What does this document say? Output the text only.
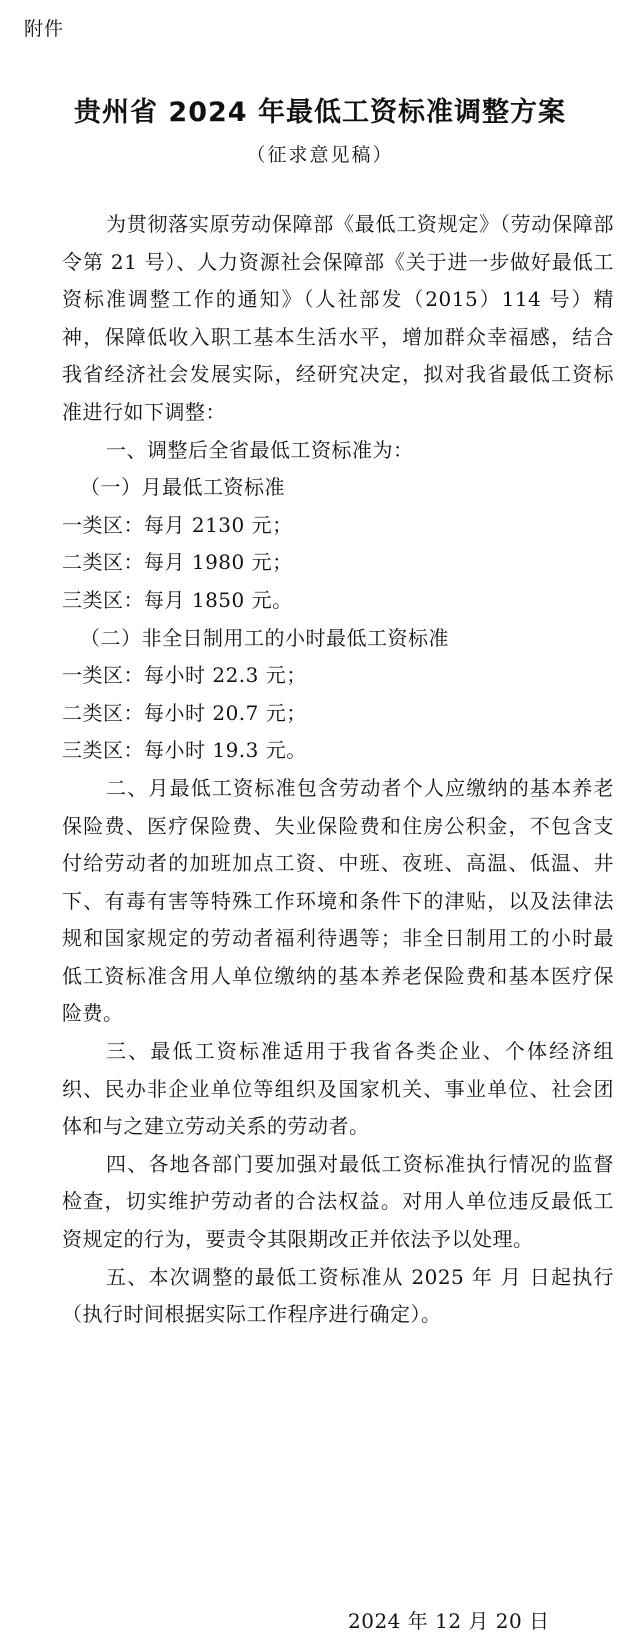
附件
贵州省 2024 年最低工资标准调整方案
（征求意见稿）

为贯彻落实原劳动保障部《最低工资规定》（劳动保障部令第 21 号）、人力资源社会保障部《关于进一步做好最低工资标准调整工作的通知》（人社部发（2015）114 号）精神，保障低收入职工基本生活水平，增加群众幸福感，结合我省经济社会发展实际，经研究决定，拟对我省最低工资标准进行如下调整：

一、调整后全省最低工资标准为：

（一）月最低工资标准

一类区：每月 2130 元；

二类区：每月 1980 元；

三类区：每月 1850 元。

（二）非全日制用工的小时最低工资标准

一类区：每小时 22.3 元；

二类区：每小时 20.7 元；

三类区：每小时 19.3 元。

二、月最低工资标准包含劳动者个人应缴纳的基本养老保险费、医疗保险费、失业保险费和住房公积金，不包含支付给劳动者的加班加点工资、中班、夜班、高温、低温、井下、有毒有害等特殊工作环境和条件下的津贴，以及法律法规和国家规定的劳动者福利待遇等；非全日制用工的小时最低工资标准含用人单位缴纳的基本养老保险费和基本医疗保险费。

三、最低工资标准适用于我省各类企业、个体经济组织、民办非企业单位等组织及国家机关、事业单位、社会团体和与之建立劳动关系的劳动者。

四、各地各部门要加强对最低工资标准执行情况的监督检查，切实维护劳动者的合法权益。对用人单位违反最低工资规定的行为，要责令其限期改正并依法予以处理。

五、本次调整的最低工资标准从 2025 年 月 日起执行（执行时间根据实际工作程序进行确定）。

2024 年 12 月 20 日
